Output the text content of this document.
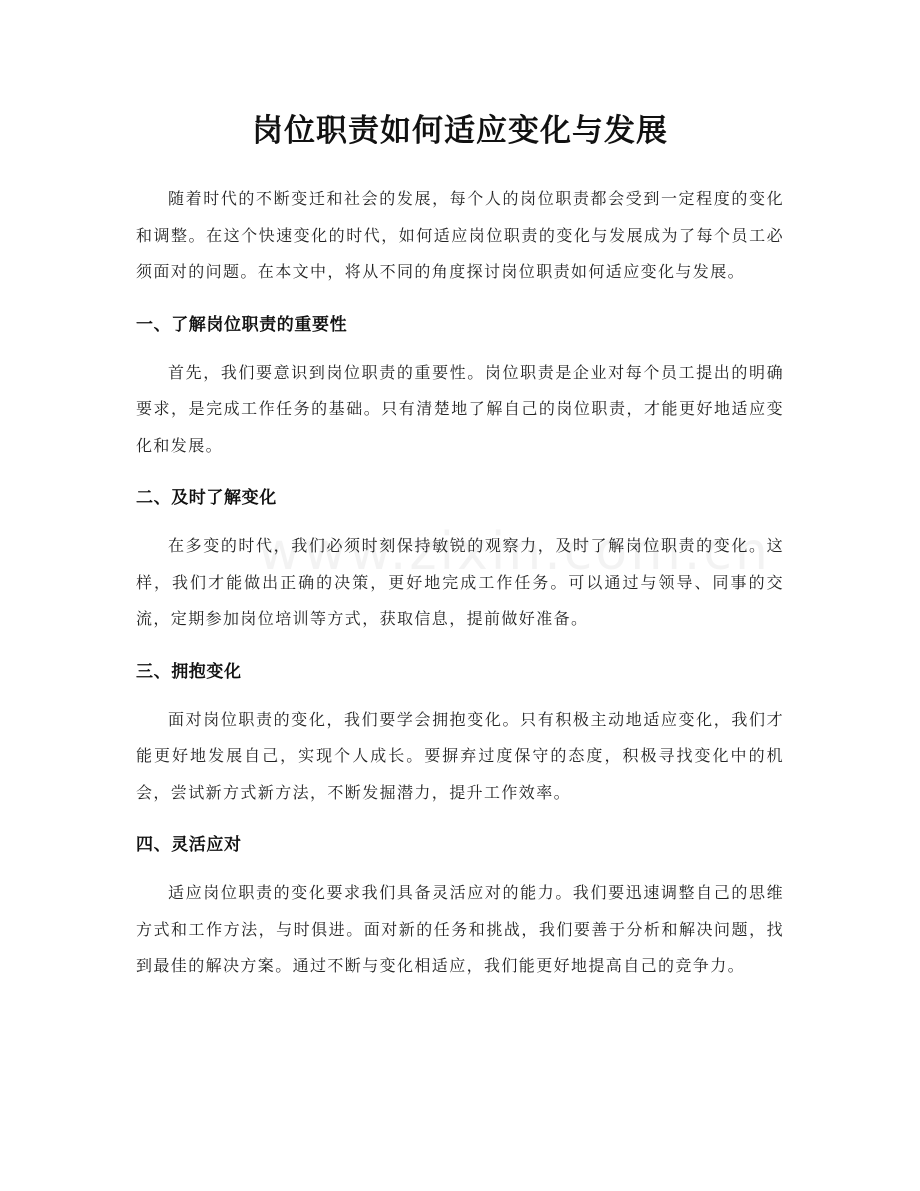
岗位职责如何适应变化与发展

随着时代的不断变迁和社会的发展，每个人的岗位职责都会受到一定程度的变化和调整。在这个快速变化的时代，如何适应岗位职责的变化与发展成为了每个员工必须面对的问题。在本文中，将从不同的角度探讨岗位职责如何适应变化与发展。

一、了解岗位职责的重要性

首先，我们要意识到岗位职责的重要性。岗位职责是企业对每个员工提出的明确要求，是完成工作任务的基础。只有清楚地了解自己的岗位职责，才能更好地适应变化和发展。

二、及时了解变化

在多变的时代，我们必须时刻保持敏锐的观察力，及时了解岗位职责的变化。这样，我们才能做出正确的决策，更好地完成工作任务。可以通过与领导、同事的交流，定期参加岗位培训等方式，获取信息，提前做好准备。

三、拥抱变化

面对岗位职责的变化，我们要学会拥抱变化。只有积极主动地适应变化，我们才能更好地发展自己，实现个人成长。要摒弃过度保守的态度，积极寻找变化中的机会，尝试新方式新方法，不断发掘潜力，提升工作效率。

四、灵活应对

适应岗位职责的变化要求我们具备灵活应对的能力。我们要迅速调整自己的思维方式和工作方法，与时俱进。面对新的任务和挑战，我们要善于分析和解决问题，找到最佳的解决方案。通过不断与变化相适应，我们能更好地提高自己的竞争力。
